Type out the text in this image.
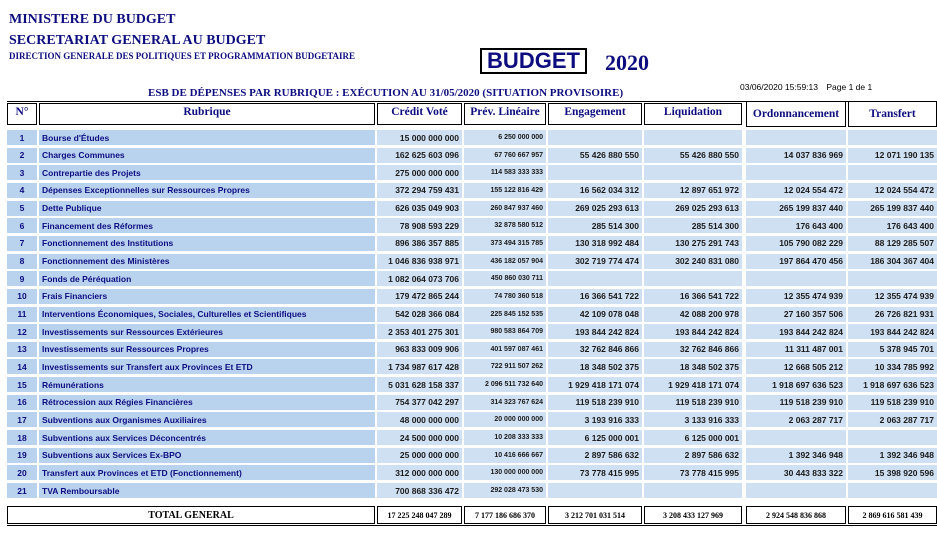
MINISTERE DU BUDGET
SECRETARIAT GENERAL AU BUDGET
DIRECTION GENERALE DES POLITIQUES ET PROGRAMMATION BUDGETAIRE	BUDGET	2020
ESB DE DÉPENSES PAR RUBRIQUE : EXÉCUTION AU 31/05/2020 (SITUATION PROVISOIRE)	03/06/2020 15:59:13 Page 1 de 1
N°	Rubrique	Crédit Voté	Prév. Linéaire	Engagement	Liquidation	Ordonnancement	Transfert
1	Bourse d'Études	15 000 000 000	6 250 000 000
2	Charges Communes	162 625 603 096	67 760 667 957	55 426 880 550	55 426 880 550	14 037 836 969	12 071 190 135
3	Contrepartie des Projets	275 000 000 000	114 583 333 333
4	Dépenses Exceptionnelles sur Ressources Propres	372 294 759 431	155 122 816 429	16 562 034 312	12 897 651 972	12 024 554 472	12 024 554 472
5	Dette Publique	626 035 049 903	260 847 937 460	269 025 293 613	269 025 293 613	265 199 837 440	265 199 837 440
6	Financement des Réformes	78 908 593 229	32 878 580 512	285 514 300	285 514 300	176 643 400	176 643 400
7	Fonctionnement des Institutions	896 386 357 885	373 494 315 785	130 318 992 484	130 275 291 743	105 790 082 229	88 129 285 507
8	Fonctionnement des Ministères	1 046 836 938 971	436 182 057 904	302 719 774 474	302 240 831 080	197 864 470 456	186 304 367 404
9	Fonds de Péréquation	1 082 064 073 706	450 860 030 711
10	Frais Financiers	179 472 865 244	74 780 360 518	16 366 541 722	16 366 541 722	12 355 474 939	12 355 474 939
11	Interventions Économiques, Sociales, Culturelles et Scientifiques	542 028 366 084	225 845 152 535	42 109 078 048	42 088 200 978	27 160 357 506	26 726 821 931
12	Investissements sur Ressources Extérieures	2 353 401 275 301	980 583 864 709	193 844 242 824	193 844 242 824	193 844 242 824	193 844 242 824
13	Investissements sur Ressources Propres	963 833 009 906	401 597 087 461	32 762 846 866	32 762 846 866	11 311 487 001	5 378 945 701
14	Investissements sur Transfert aux Provinces Et ETD	1 734 987 617 428	722 911 507 262	18 348 502 375	18 348 502 375	12 668 505 212	10 334 785 992
15	Rémunérations	5 031 628 158 337	2 096 511 732 640	1 929 418 171 074	1 929 418 171 074	1 918 697 636 523	1 918 697 636 523
16	Rétrocession aux Régies Financières	754 377 042 297	314 323 767 624	119 518 239 910	119 518 239 910	119 518 239 910	119 518 239 910
17	Subventions aux Organismes Auxiliaires	48 000 000 000	20 000 000 000	3 193 916 333	3 133 916 333	2 063 287 717	2 063 287 717
18	Subventions aux Services Déconcentrés	24 500 000 000	10 208 333 333	6 125 000 001	6 125 000 001
19	Subventions aux Services Ex-BPO	25 000 000 000	10 416 666 667	2 897 586 632	2 897 586 632	1 392 346 948	1 392 346 948
20	Transfert aux Provinces et ETD (Fonctionnement)	312 000 000 000	130 000 000 000	73 778 415 995	73 778 415 995	30 443 833 322	15 398 920 596
21	TVA Remboursable	700 868 336 472	292 028 473 530
TOTAL GENERAL	17 225 248 047 289	7 177 186 686 370	3 212 701 031 514	3 208 433 127 969	2 924 548 836 868	2 869 616 581 439
